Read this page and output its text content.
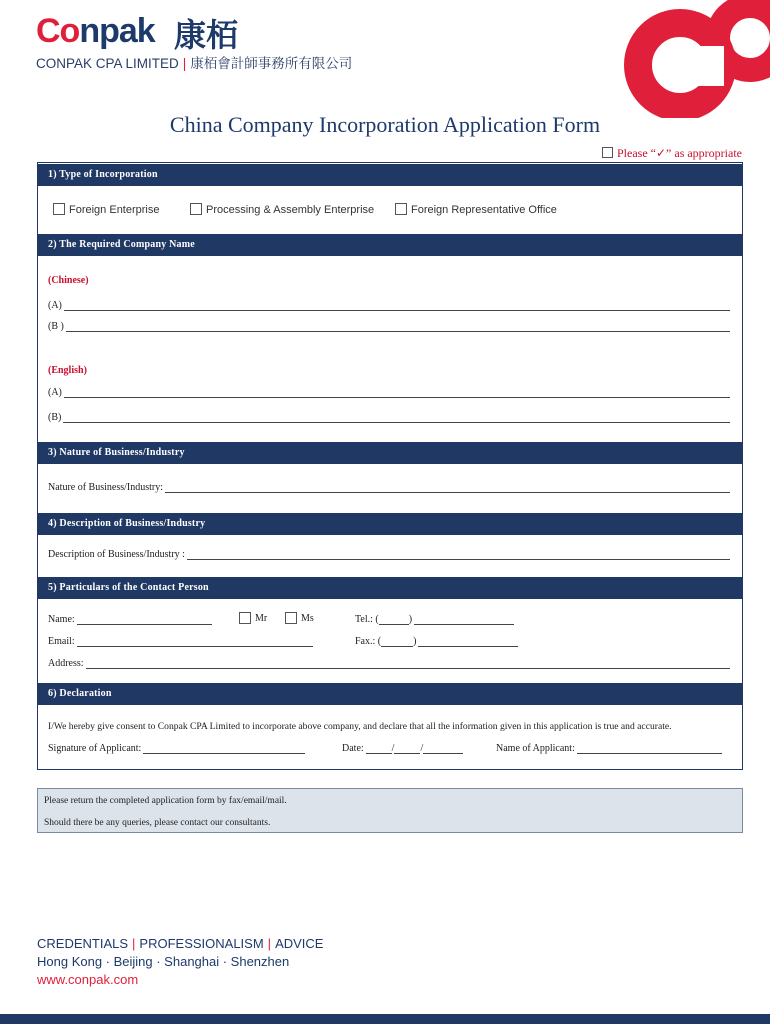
Conpak 康栢
CONPAK CPA LIMITED | 康栢會計師事務所有限公司
China Company Incorporation Application Form
Please “✓” as appropriate
1) Type of Incorporation
Foreign Enterprise	Processing & Assembly Enterprise	Foreign Representative Office
2) The Required Company Name
(Chinese)
(A)
(B )
(English)
(A)
(B)
3) Nature of Business/Industry
Nature of Business/Industry:
4) Description of Business/Industry
Description of Business/Industry :
5) Particulars of the Contact Person
Name:	Mr	Ms	Tel.: (	)
Email:	Fax.: (	)
Address:
6) Declaration
I/We hereby give consent to Conpak CPA Limited to incorporate above company, and declare that all the information given in this application is true and accurate.
Signature of Applicant:	Date:	/	/	Name of Applicant:
Please return the completed application form by fax/email/mail.
Should there be any queries, please contact our consultants.
CREDENTIALS | PROFESSIONALISM | ADVICE
Hong Kong · Beijing · Shanghai · Shenzhen
www.conpak.com
